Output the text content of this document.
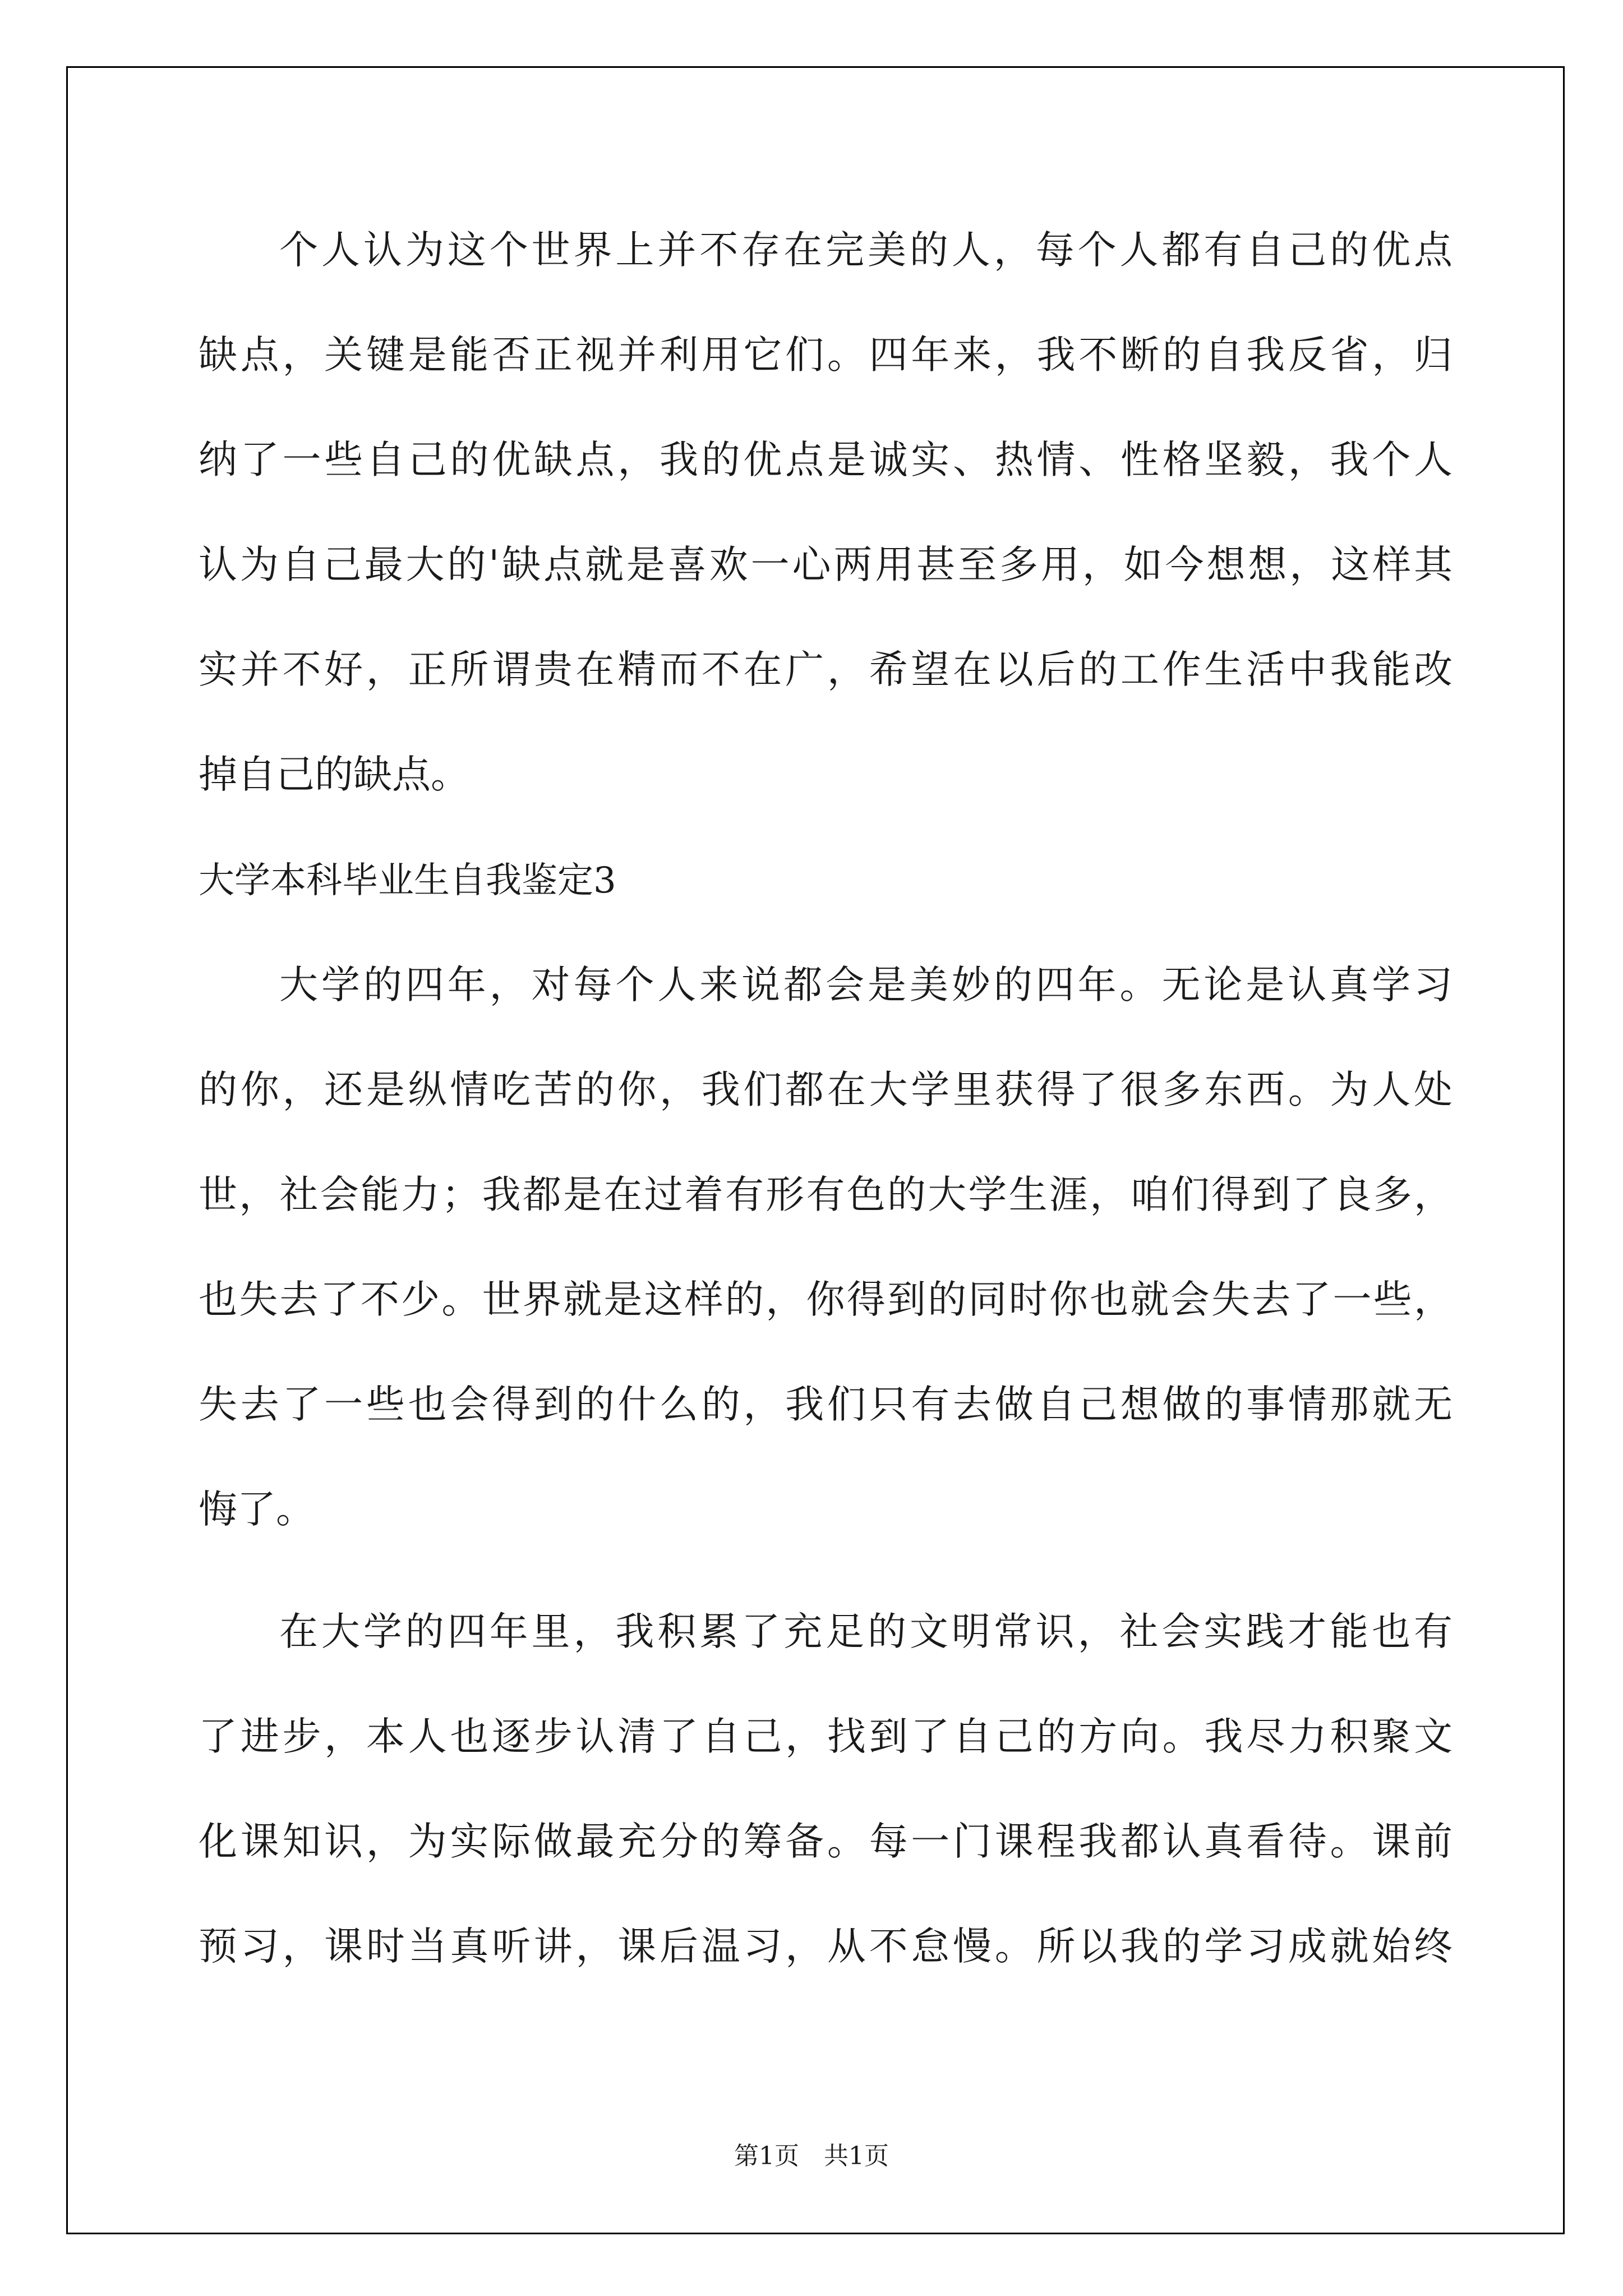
个人认为这个世界上并不存在完美的人，每个人都有自己的优点
缺点，关键是能否正视并利用它们。四年来，我不断的自我反省，归
纳了一些自己的优缺点，我的优点是诚实、热情、性格坚毅，我个人
认为自己最大的'缺点就是喜欢一心两用甚至多用，如今想想，这样其
实并不好，正所谓贵在精而不在广，希望在以后的工作生活中我能改
掉自己的缺点。
大学本科毕业生自我鉴定3
大学的四年，对每个人来说都会是美妙的四年。无论是认真学习
的你，还是纵情吃苦的你，我们都在大学里获得了很多东西。为人处
世，社会能力；我都是在过着有形有色的大学生涯，咱们得到了良多，
也失去了不少。世界就是这样的，你得到的同时你也就会失去了一些，
失去了一些也会得到的什么的，我们只有去做自己想做的事情那就无
悔了。
在大学的四年里，我积累了充足的文明常识，社会实践才能也有
了进步，本人也逐步认清了自己，找到了自己的方向。我尽力积聚文
化课知识，为实际做最充分的筹备。每一门课程我都认真看待。课前
预习，课时当真听讲，课后温习，从不怠慢。所以我的学习成就始终
第1页　共1页
